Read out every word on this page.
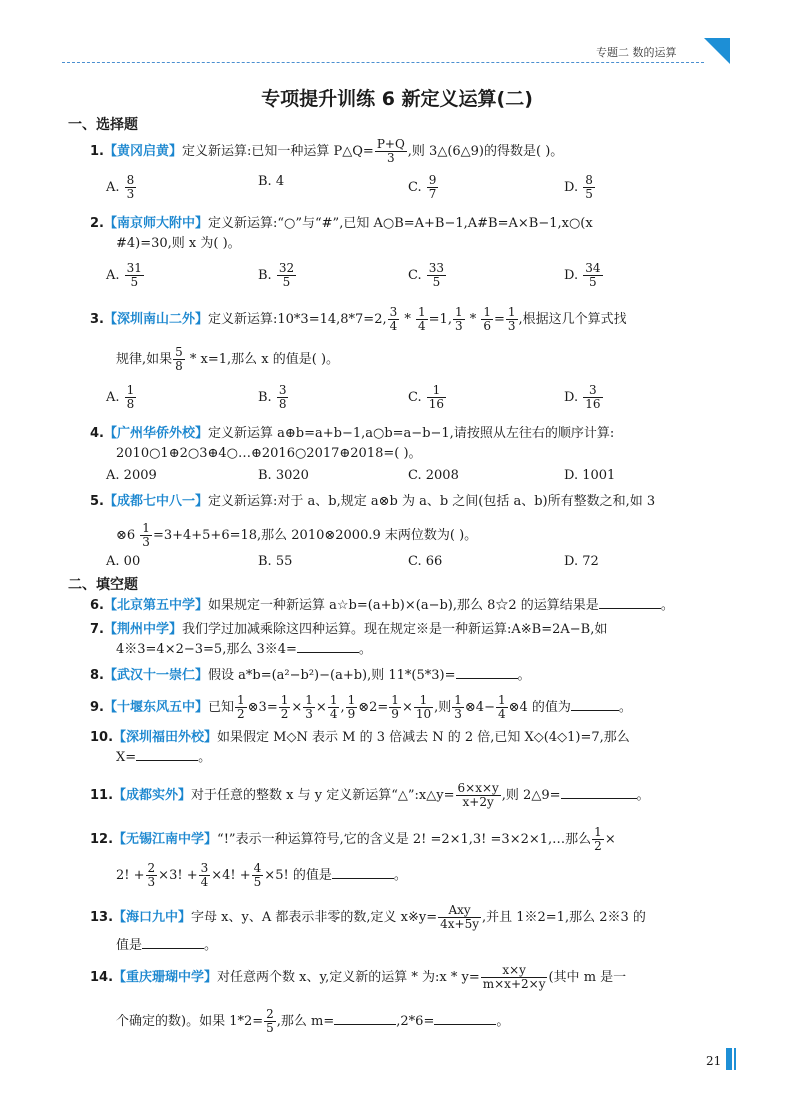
专题二 数的运算
专项提升训练 6 新定义运算(二)
一、选择题
1.【黄冈启黄】定义新运算:已知一种运算 P△Q= $\frac{P+Q}{3}$ ,则 3△(6△9)的得数是( )。
A. $\frac{8}{3}$	B. 4	C. $\frac{9}{7}$	D. $\frac{8}{5}$
2.【南京师大附中】定义新运算:“○”与“#”,已知 A○B=A+B−1,A#B=A×B−1,x○(x
#4)=30,则 x 为( )。
A. $\frac{31}{5}$	B. $\frac{32}{5}$	C. $\frac{33}{5}$	D. $\frac{34}{5}$
3.【深圳南山二外】定义新运算:10*3=14,8*7=2, $\frac{3}{4} * \frac{1}{4} =1$, $\frac{1}{3} * \frac{1}{6} = \frac{1}{3}$ ,根据这几个算式找
规律,如果 $\frac{5}{8} * x=1$,那么 x 的值是( )。
A. $\frac{1}{8}$	B. $\frac{3}{8}$	C. $\frac{1}{16}$	D. $\frac{3}{16}$
4.【广州华侨外校】定义新运算 a⊕b=a+b−1,a○b=a−b−1,请按照从左往右的顺序计算:
2010○1⊕2○3⊕4○…⊕2016○2017⊕2018=( )。
A. 2009	B. 3020	C. 2008	D. 1001
5.【成都七中八一】定义新运算:对于 a、b,规定 a⊗b 为 a、b 之间(包括 a、b)所有整数之和,如 3
⊗6 $\frac{1}{3} =3+4+5+6=18$,那么 2010⊗2000.9 末两位数为( )。
A. 00	B. 55	C. 66	D. 72
二、填空题
6.【北京第五中学】如果规定一种新运算 a☆b=(a+b)×(a−b),那么 8☆2 的运算结果是	。
7.【荆州中学】我们学过加减乘除这四种运算。现在规定※是一种新运算:A※B=2A−B,如
4※3=4×2−3=5,那么 3※4=	。
8.【武汉十一崇仁】假设 a*b=(a²−b²)−(a+b),则 11*(5*3)=	。
9.【十堰东风五中】已知 $\frac{1}{2}$ ⊗3= $\frac{1}{2} \times \frac{1}{3} \times \frac{1}{4}$ , $\frac{1}{9}$ ⊗2= $\frac{1}{9} \times \frac{1}{10}$ ,则 $\frac{1}{3}$ ⊗4− $\frac{1}{4}$ ⊗4 的值为	。
10.【深圳福田外校】如果假定 M◇N 表示 M 的 3 倍减去 N 的 2 倍,已知 X◇(4◇1)=7,那么
X=	。
11.【成都实外】对于任意的整数 x 与 y 定义新运算“△”:x△y= $\frac{6\times x\times y}{x+2y}$ ,则 2△9=	。
12.【无锡江南中学】“!”表示一种运算符号,它的含义是 2! =2×1,3! =3×2×1,…那么 $\frac{1}{2}$ ×
2! + $\frac{2}{3} \times 3$! + $\frac{3}{4} \times 4$! + $\frac{4}{5} \times 5$! 的值是	。
13.【海口九中】字母 x、y、A 都表示非零的数,定义 x※y= $\frac{\text{Axy}}{4x+5y}$ ,并且 1※2=1,那么 2※3 的
值是	。
14.【重庆珊瑚中学】对任意两个数 x、y,定义新的运算 * 为:x * $y= \frac{x\times y}{m\times x+2\times y}$ (其中 m 是一
个确定的数)。如果 $1*2= \frac{2}{5}$ ,那么 m=	,2*6=	。
21
